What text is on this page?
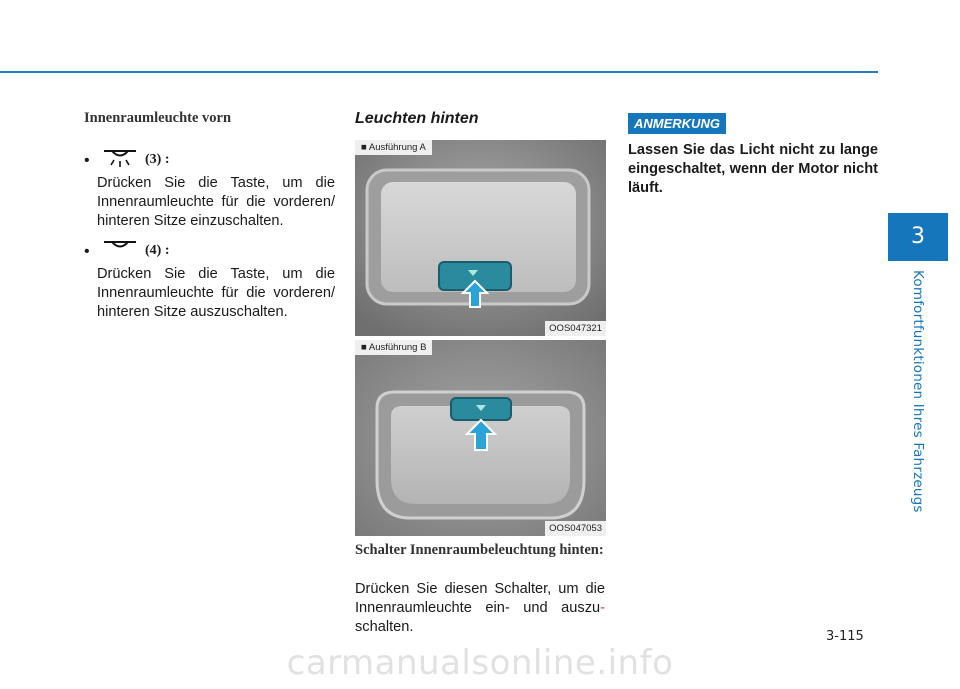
3
Komfortfunktionen Ihres Fahrzeugs
Innenraumleuchte vorn
•	(3) :
Drücken Sie die Taste, um die Innenraumleuchte für die vorderen/ hinteren Sitze einzuschalten.
•	(4) :
Drücken Sie die Taste, um die Innenraumleuchte für die vorderen/ hinteren Sitze auszuschalten.
Leuchten hinten
■ Ausführung A
OOS047321
■ Ausführung B
OOS047053
Schalter Innenraumbeleuchtung hinten:
Drücken Sie diesen Schalter, um die Innenraumleuchte ein- und auszu- schalten.
ANMERKUNG
Lassen Sie das Licht nicht zu lange eingeschaltet, wenn der Motor nicht läuft.
3-115
carmanualsonline.info
